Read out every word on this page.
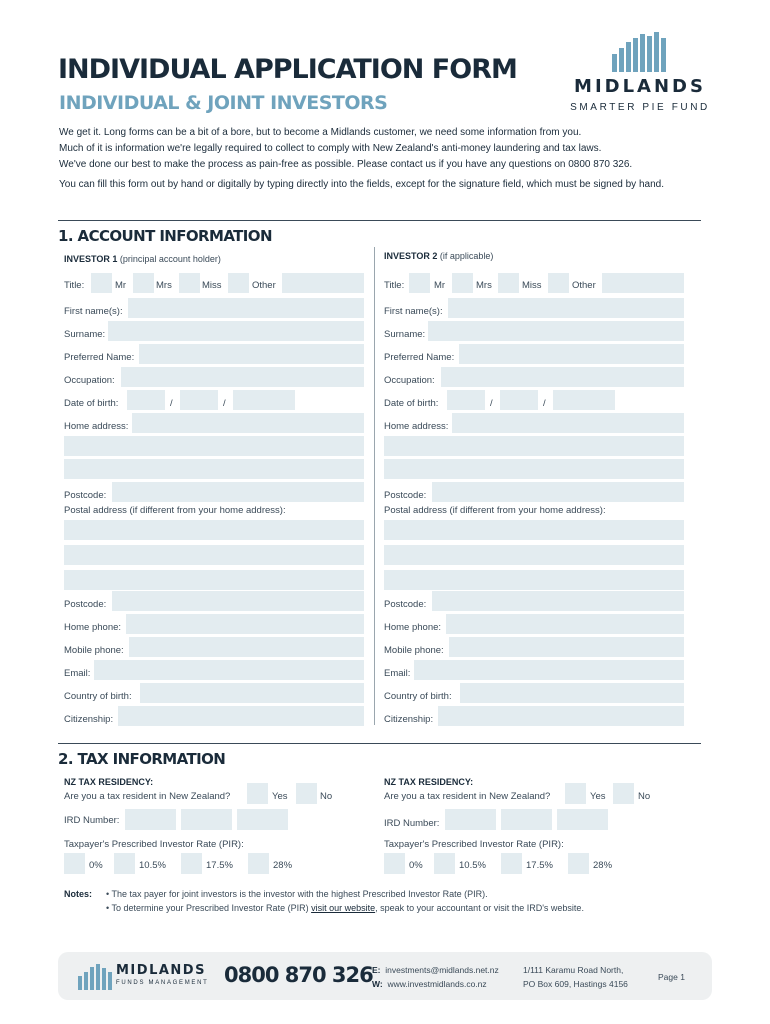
INDIVIDUAL APPLICATION FORM
INDIVIDUAL & JOINT INVESTORS
MIDLANDS
SMARTER PIE FUND
We get it. Long forms can be a bit of a bore, but to become a Midlands customer, we need some information from you.
Much of it is information we're legally required to collect to comply with New Zealand's anti-money laundering and tax laws.
We've done our best to make the process as pain-free as possible. Please contact us if you have any questions on 0800 870 326.
You can fill this form out by hand or digitally by typing directly into the fields, except for the signature field, which must be signed by hand.
1. ACCOUNT INFORMATION
INVESTOR 1 (principal account holder)
Title:	Mr	Mrs	Miss	Other
First name(s):
Surname:
Preferred Name:
Occupation:
Date of birth:	/	/
Home address:
Postcode:
Postal address (if different from your home address):
Postcode:
Home phone:
Mobile phone:
Email:
Country of birth:
Citizenship:
INVESTOR 2 (if applicable)
Title:	Mr	Mrs	Miss	Other
First name(s):
Surname:
Preferred Name:
Occupation:
Date of birth:	/	/
Home address:
Postcode:
Postal address (if different from your home address):
Postcode:
Home phone:
Mobile phone:
Email:
Country of birth:
Citizenship:
2. TAX INFORMATION
NZ TAX RESIDENCY:
Are you a tax resident in New Zealand?	Yes	No
IRD Number:
Taxpayer's Prescribed Investor Rate (PIR):
0%	10.5%	17.5%	28%
NZ TAX RESIDENCY:
Are you a tax resident in New Zealand?	Yes	No
IRD Number:
Taxpayer's Prescribed Investor Rate (PIR):
0%	10.5%	17.5%	28%
Notes: • The tax payer for joint investors is the investor with the highest Prescribed Investor Rate (PIR).
• To determine your Prescribed Investor Rate (PIR) visit our website, speak to your accountant or visit the IRD's website.
MIDLANDS
FUNDS MANAGEMENT 0800 870 326 E: investments@midlands.net.nz
W: www.investmidlands.co.nz
1/111 Karamu Road North,
PO Box 609, Hastings 4156
Page 1
